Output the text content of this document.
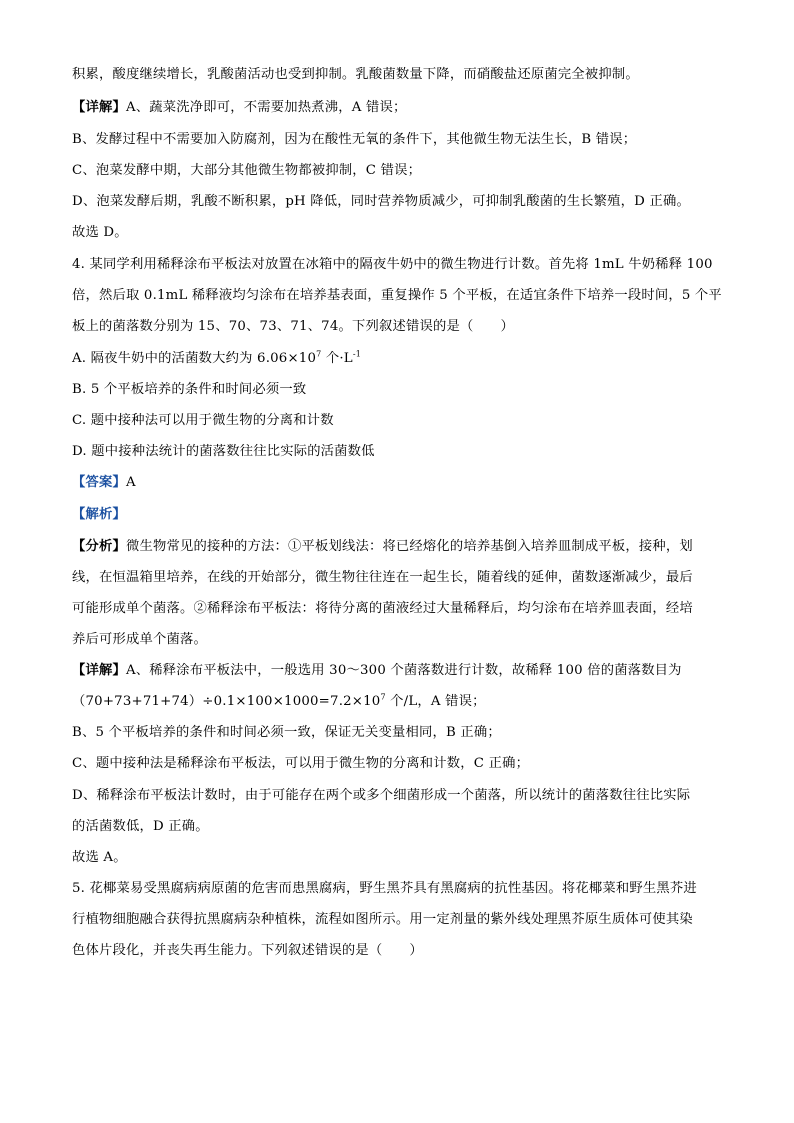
积累，酸度继续增长，乳酸菌活动也受到抑制。乳酸菌数量下降，而硝酸盐还原菌完全被抑制。
【详解】A、蔬菜洗净即可，不需要加热煮沸，A 错误；
B、发酵过程中不需要加入防腐剂，因为在酸性无氧的条件下，其他微生物无法生长，B 错误；
C、泡菜发酵中期，大部分其他微生物都被抑制，C 错误；
D、泡菜发酵后期，乳酸不断积累，pH 降低，同时营养物质减少，可抑制乳酸菌的生长繁殖，D 正确。
故选 D。
4. 某同学利用稀释涂布平板法对放置在冰箱中的隔夜牛奶中的微生物进行计数。首先将 1mL 牛奶稀释 100
倍，然后取 0.1mL 稀释液均匀涂布在培养基表面，重复操作 5 个平板，在适宜条件下培养一段时间，5 个平
板上的菌落数分别为 15、70、73、71、74。下列叙述错误的是（　　）
A. 隔夜牛奶中的活菌数大约为 $6.06\times 10^7$ 个$\cdot L^{-1}$
B. 5 个平板培养的条件和时间必须一致
C. 题中接种法可以用于微生物的分离和计数
D. 题中接种法统计的菌落数往往比实际的活菌数低
【答案】A
【解析】
【分析】微生物常见的接种的方法：①平板划线法：将已经熔化的培养基倒入培养皿制成平板，接种，划
线，在恒温箱里培养，在线的开始部分，微生物往往连在一起生长，随着线的延伸，菌数逐渐减少，最后
可能形成单个菌落。②稀释涂布平板法：将待分离的菌液经过大量稀释后，均匀涂布在培养皿表面，经培
养后可形成单个菌落。
【详解】A、稀释涂布平板法中，一般选用 30～300 个菌落数进行计数，故稀释 100 倍的菌落数目为
$(70+73+71+74)\div 0.1\times 100\times 1000=7.2\times 10^7$ 个/L，A 错误；
B、5 个平板培养的条件和时间必须一致，保证无关变量相同，B 正确；
C、题中接种法是稀释涂布平板法，可以用于微生物的分离和计数，C 正确；
D、稀释涂布平板法计数时，由于可能存在两个或多个细菌形成一个菌落，所以统计的菌落数往往比实际
的活菌数低，D 正确。
故选 A。
5. 花椰菜易受黑腐病病原菌的危害而患黑腐病，野生黑芥具有黑腐病的抗性基因。将花椰菜和野生黑芥进
行植物细胞融合获得抗黑腐病杂种植株，流程如图所示。用一定剂量的紫外线处理黑芥原生质体可使其染
色体片段化，并丧失再生能力。下列叙述错误的是（　　）
